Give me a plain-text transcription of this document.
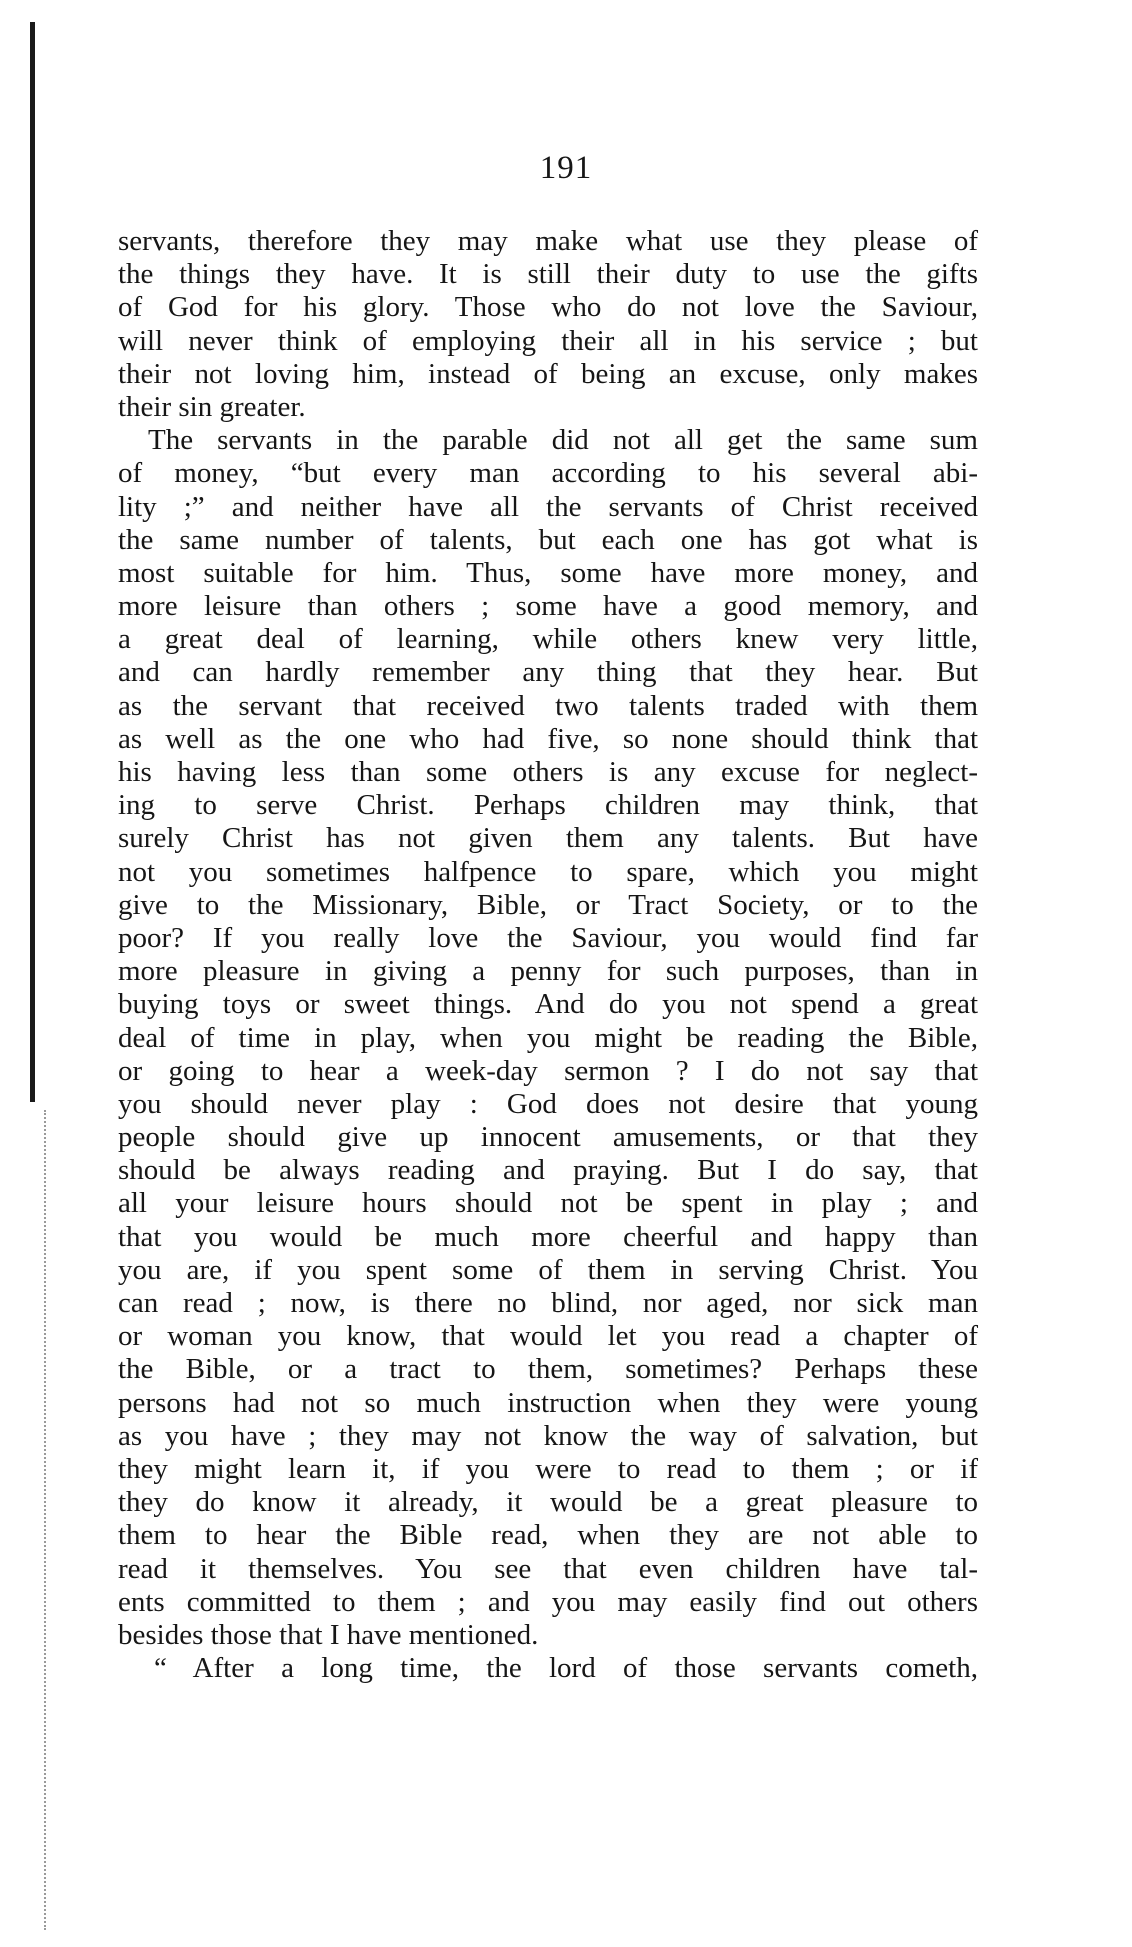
191
servants, therefore they may make what use they please of
the things they have. It is still their duty to use the gifts
of God for his glory. Those who do not love the Saviour,
will never think of employing their all in his service ; but
their not loving him, instead of being an excuse, only makes
their sin greater.
The servants in the parable did not all get the same sum
of money, “but every man according to his several abi-
lity ;” and neither have all the servants of Christ received
the same number of talents, but each one has got what is
most suitable for him. Thus, some have more money, and
more leisure than others ; some have a good memory, and
a great deal of learning, while others knew very little,
and can hardly remember any thing that they hear. But
as the servant that received two talents traded with them
as well as the one who had five, so none should think that
his having less than some others is any excuse for neglect-
ing to serve Christ. Perhaps children may think, that
surely Christ has not given them any talents. But have
not you sometimes halfpence to spare, which you might
give to the Missionary, Bible, or Tract Society, or to the
poor? If you really love the Saviour, you would find far
more pleasure in giving a penny for such purposes, than in
buying toys or sweet things. And do you not spend a great
deal of time in play, when you might be reading the Bible,
or going to hear a week-day sermon ? I do not say that
you should never play : God does not desire that young
people should give up innocent amusements, or that they
should be always reading and praying. But I do say, that
all your leisure hours should not be spent in play ; and
that you would be much more cheerful and happy than
you are, if you spent some of them in serving Christ. You
can read ; now, is there no blind, nor aged, nor sick man
or woman you know, that would let you read a chapter of
the Bible, or a tract to them, sometimes? Perhaps these
persons had not so much instruction when they were young
as you have ; they may not know the way of salvation, but
they might learn it, if you were to read to them ; or if
they do know it already, it would be a great pleasure to
them to hear the Bible read, when they are not able to
read it themselves. You see that even children have tal-
ents committed to them ; and you may easily find out others
besides those that I have mentioned.
“ After a long time, the lord of those servants cometh,
